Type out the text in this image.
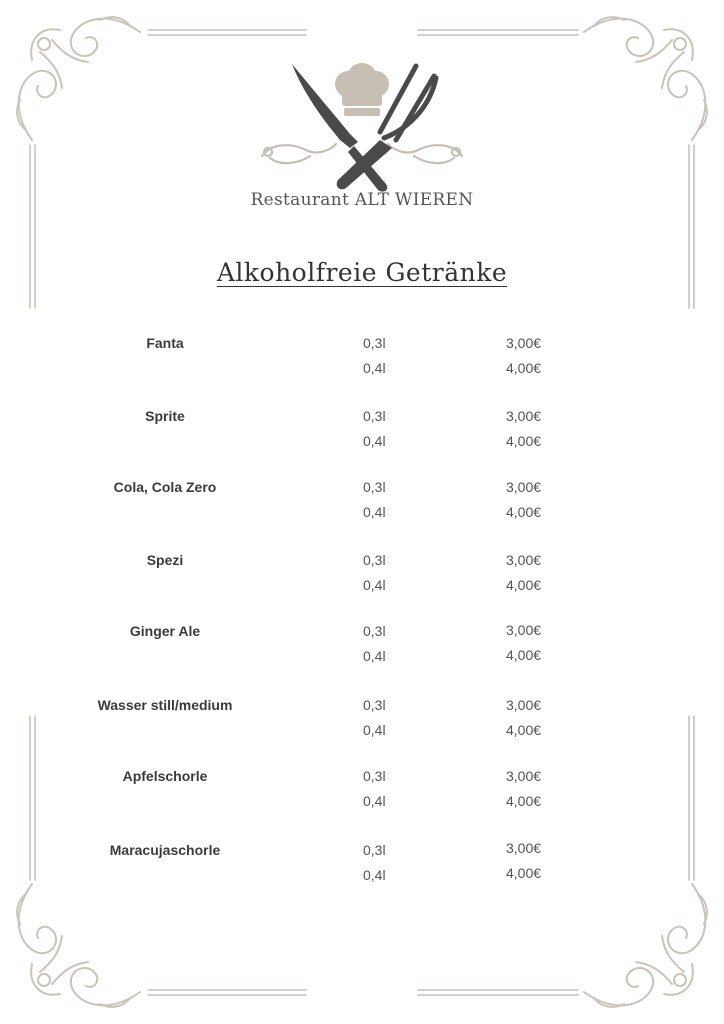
Restaurant ALT WIEREN
Alkoholfreie Getränke
Fanta	0,3l	3,00€
0,4l	4,00€
Sprite	0,3l	3,00€
0,4l	4,00€
Cola, Cola Zero	0,3l	3,00€
0,4l	4,00€
Spezi	0,3l	3,00€
0,4l	4,00€
Ginger Ale	0,3l	3,00€
0,4l	4,00€
Wasser still/medium	0,3l	3,00€
0,4l	4,00€
Apfelschorle	0,3l	3,00€
0,4l	4,00€
Maracujaschorle	0,3l	3,00€
0,4l	4,00€
